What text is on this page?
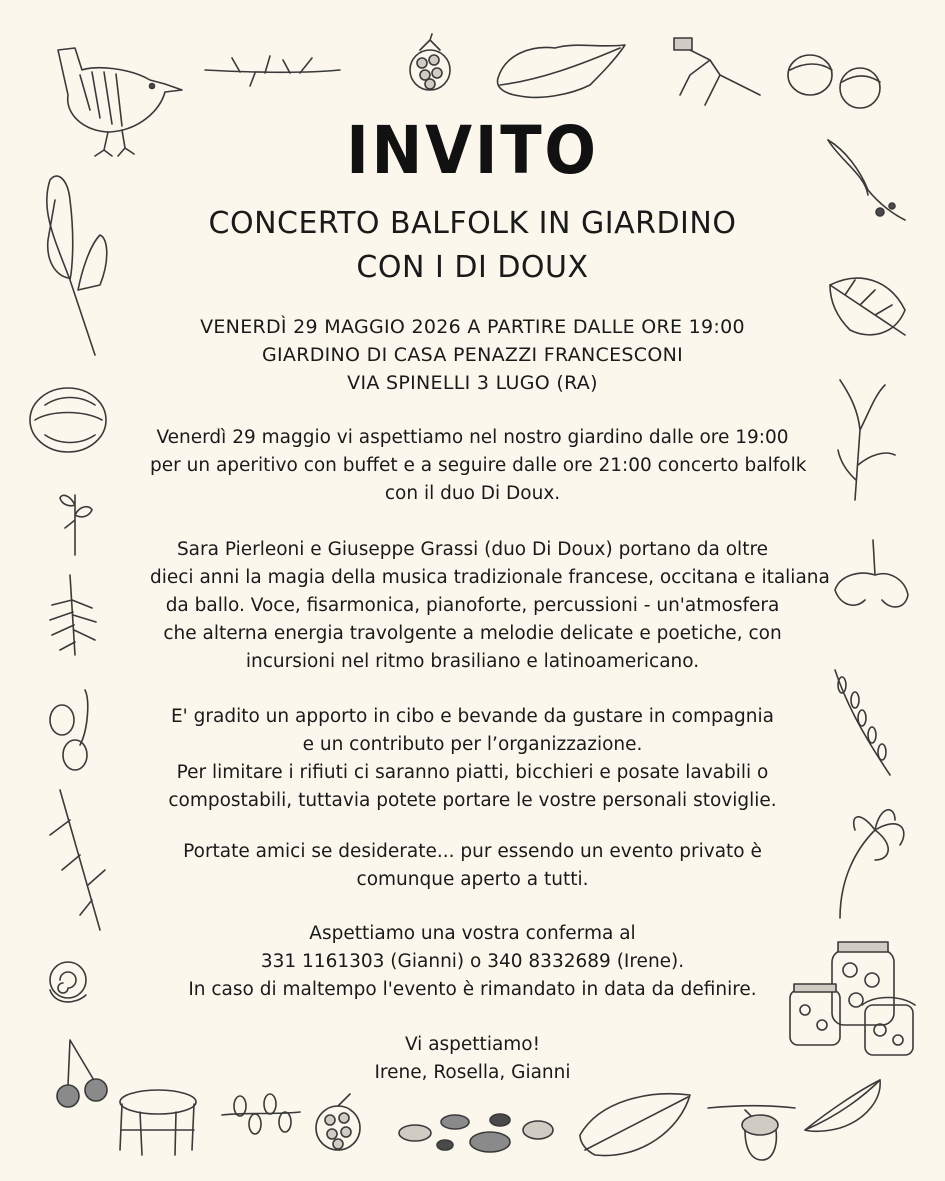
INVITO
CONCERTO BALFOLK IN GIARDINO
CON I DI DOUX
VENERDÌ 29 MAGGIO 2026 A PARTIRE DALLE ORE 19:00
GIARDINO DI CASA PENAZZI FRANCESCONI
VIA SPINELLI 3 LUGO (RA)
Venerdì 29 maggio vi aspettiamo nel nostro giardino dalle ore 19:00
per un aperitivo con buffet e a seguire dalle ore 21:00 concerto balfolk
con il duo Di Doux.
Sara Pierleoni e Giuseppe Grassi (duo Di Doux) portano da oltre
dieci anni la magia della musica tradizionale francese, occitana e italiana
da ballo. Voce, fisarmonica, pianoforte, percussioni - un'atmosfera
che alterna energia travolgente a melodie delicate e poetiche, con
incursioni nel ritmo brasiliano e latinoamericano.
E' gradito un apporto in cibo e bevande da gustare in compagnia
e un contributo per l’organizzazione.
Per limitare i rifiuti ci saranno piatti, bicchieri e posate lavabili o
compostabili, tuttavia potete portare le vostre personali stoviglie.
Portate amici se desiderate... pur essendo un evento privato è
comunque aperto a tutti.
Aspettiamo una vostra conferma al
331 1161303 (Gianni) o 340 8332689 (Irene).
In caso di maltempo l'evento è rimandato in data da definire.
Vi aspettiamo!
Irene, Rosella, Gianni
